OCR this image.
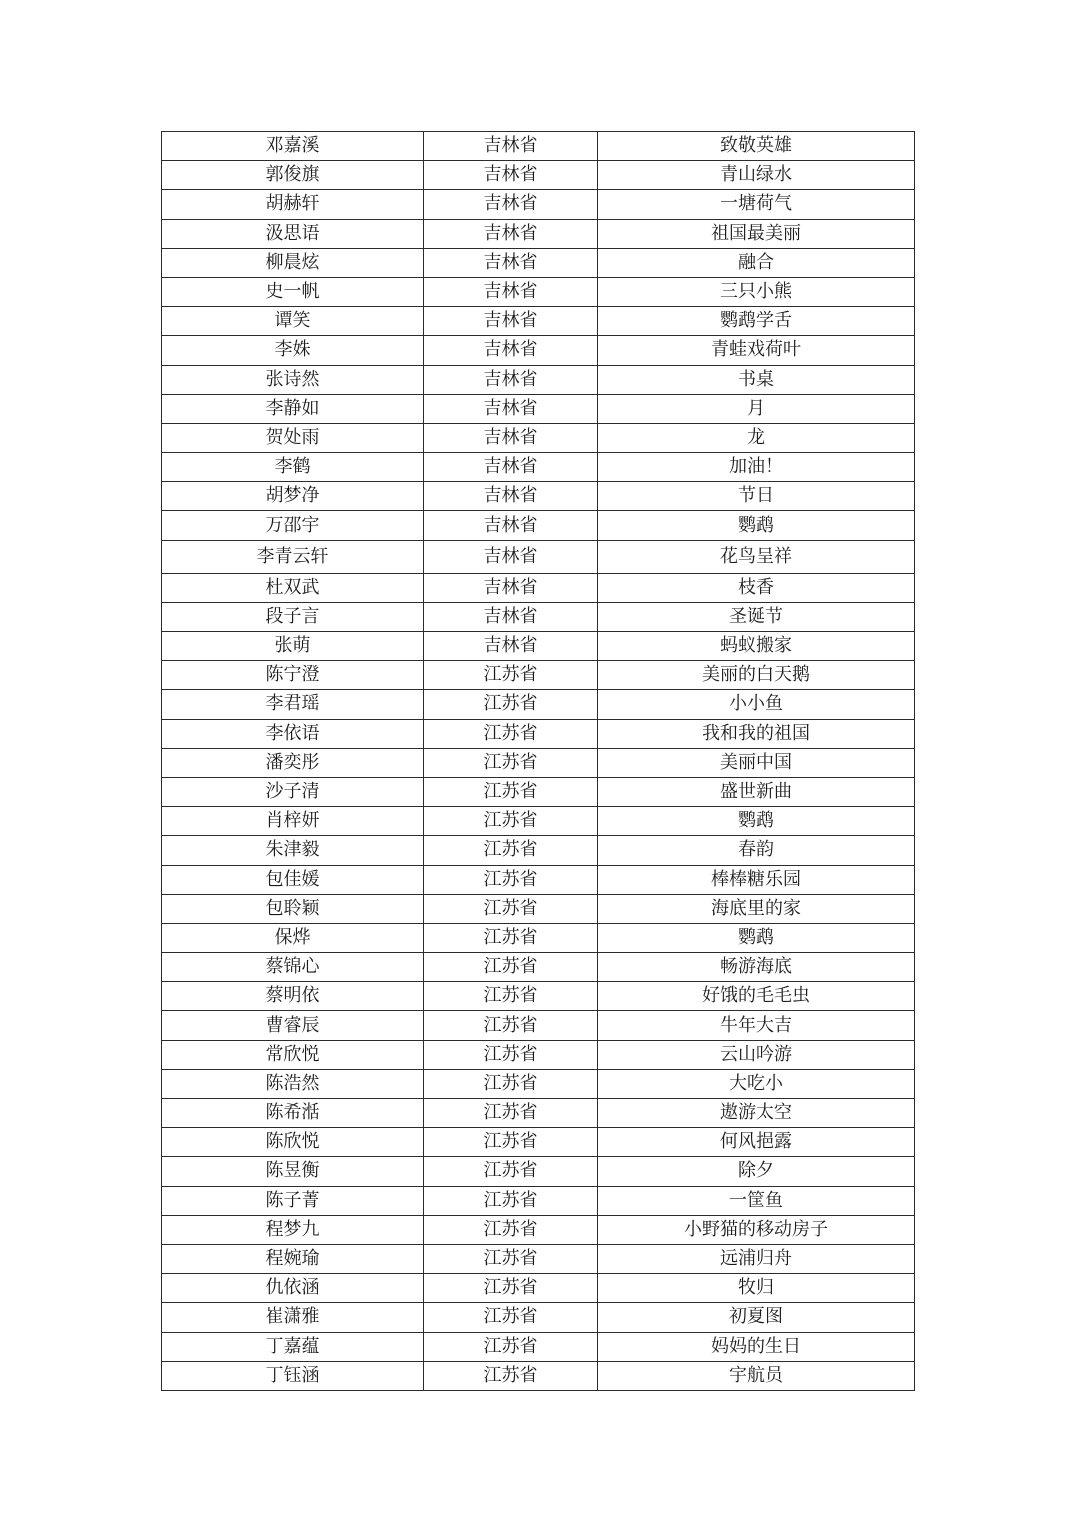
邓嘉溪	吉林省	致敬英雄
郭俊旗	吉林省	青山绿水
胡赫轩	吉林省	一塘荷气
汲思语	吉林省	祖国最美丽
柳晨炫	吉林省	融合
史一帆	吉林省	三只小熊
谭笑	吉林省	鹦鹉学舌
李姝	吉林省	青蛙戏荷叶
张诗然	吉林省	书桌
李静如	吉林省	月
贺处雨	吉林省	龙
李鹤	吉林省	加油！
胡梦净	吉林省	节日
万邵宇	吉林省	鹦鹉
李青云轩	吉林省	花鸟呈祥
杜双武	吉林省	枝香
段子言	吉林省	圣诞节
张萌	吉林省	蚂蚁搬家
陈宁澄	江苏省	美丽的白天鹅
李君瑶	江苏省	小小鱼
李依语	江苏省	我和我的祖国
潘奕彤	江苏省	美丽中国
沙子清	江苏省	盛世新曲
肖梓妍	江苏省	鹦鹉
朱津毅	江苏省	春韵
包佳媛	江苏省	棒棒糖乐园
包聆颖	江苏省	海底里的家
保烨	江苏省	鹦鹉
蔡锦心	江苏省	畅游海底
蔡明依	江苏省	好饿的毛毛虫
曹睿辰	江苏省	牛年大吉
常欣悦	江苏省	云山吟游
陈浩然	江苏省	大吃小
陈希湉	江苏省	遨游太空
陈欣悦	江苏省	何风挹露
陈昱衡	江苏省	除夕
陈子菁	江苏省	一筐鱼
程梦九	江苏省	小野猫的移动房子
程婉瑜	江苏省	远浦归舟
仇依涵	江苏省	牧归
崔潇雅	江苏省	初夏图
丁嘉蕴	江苏省	妈妈的生日
丁钰涵	江苏省	宇航员
